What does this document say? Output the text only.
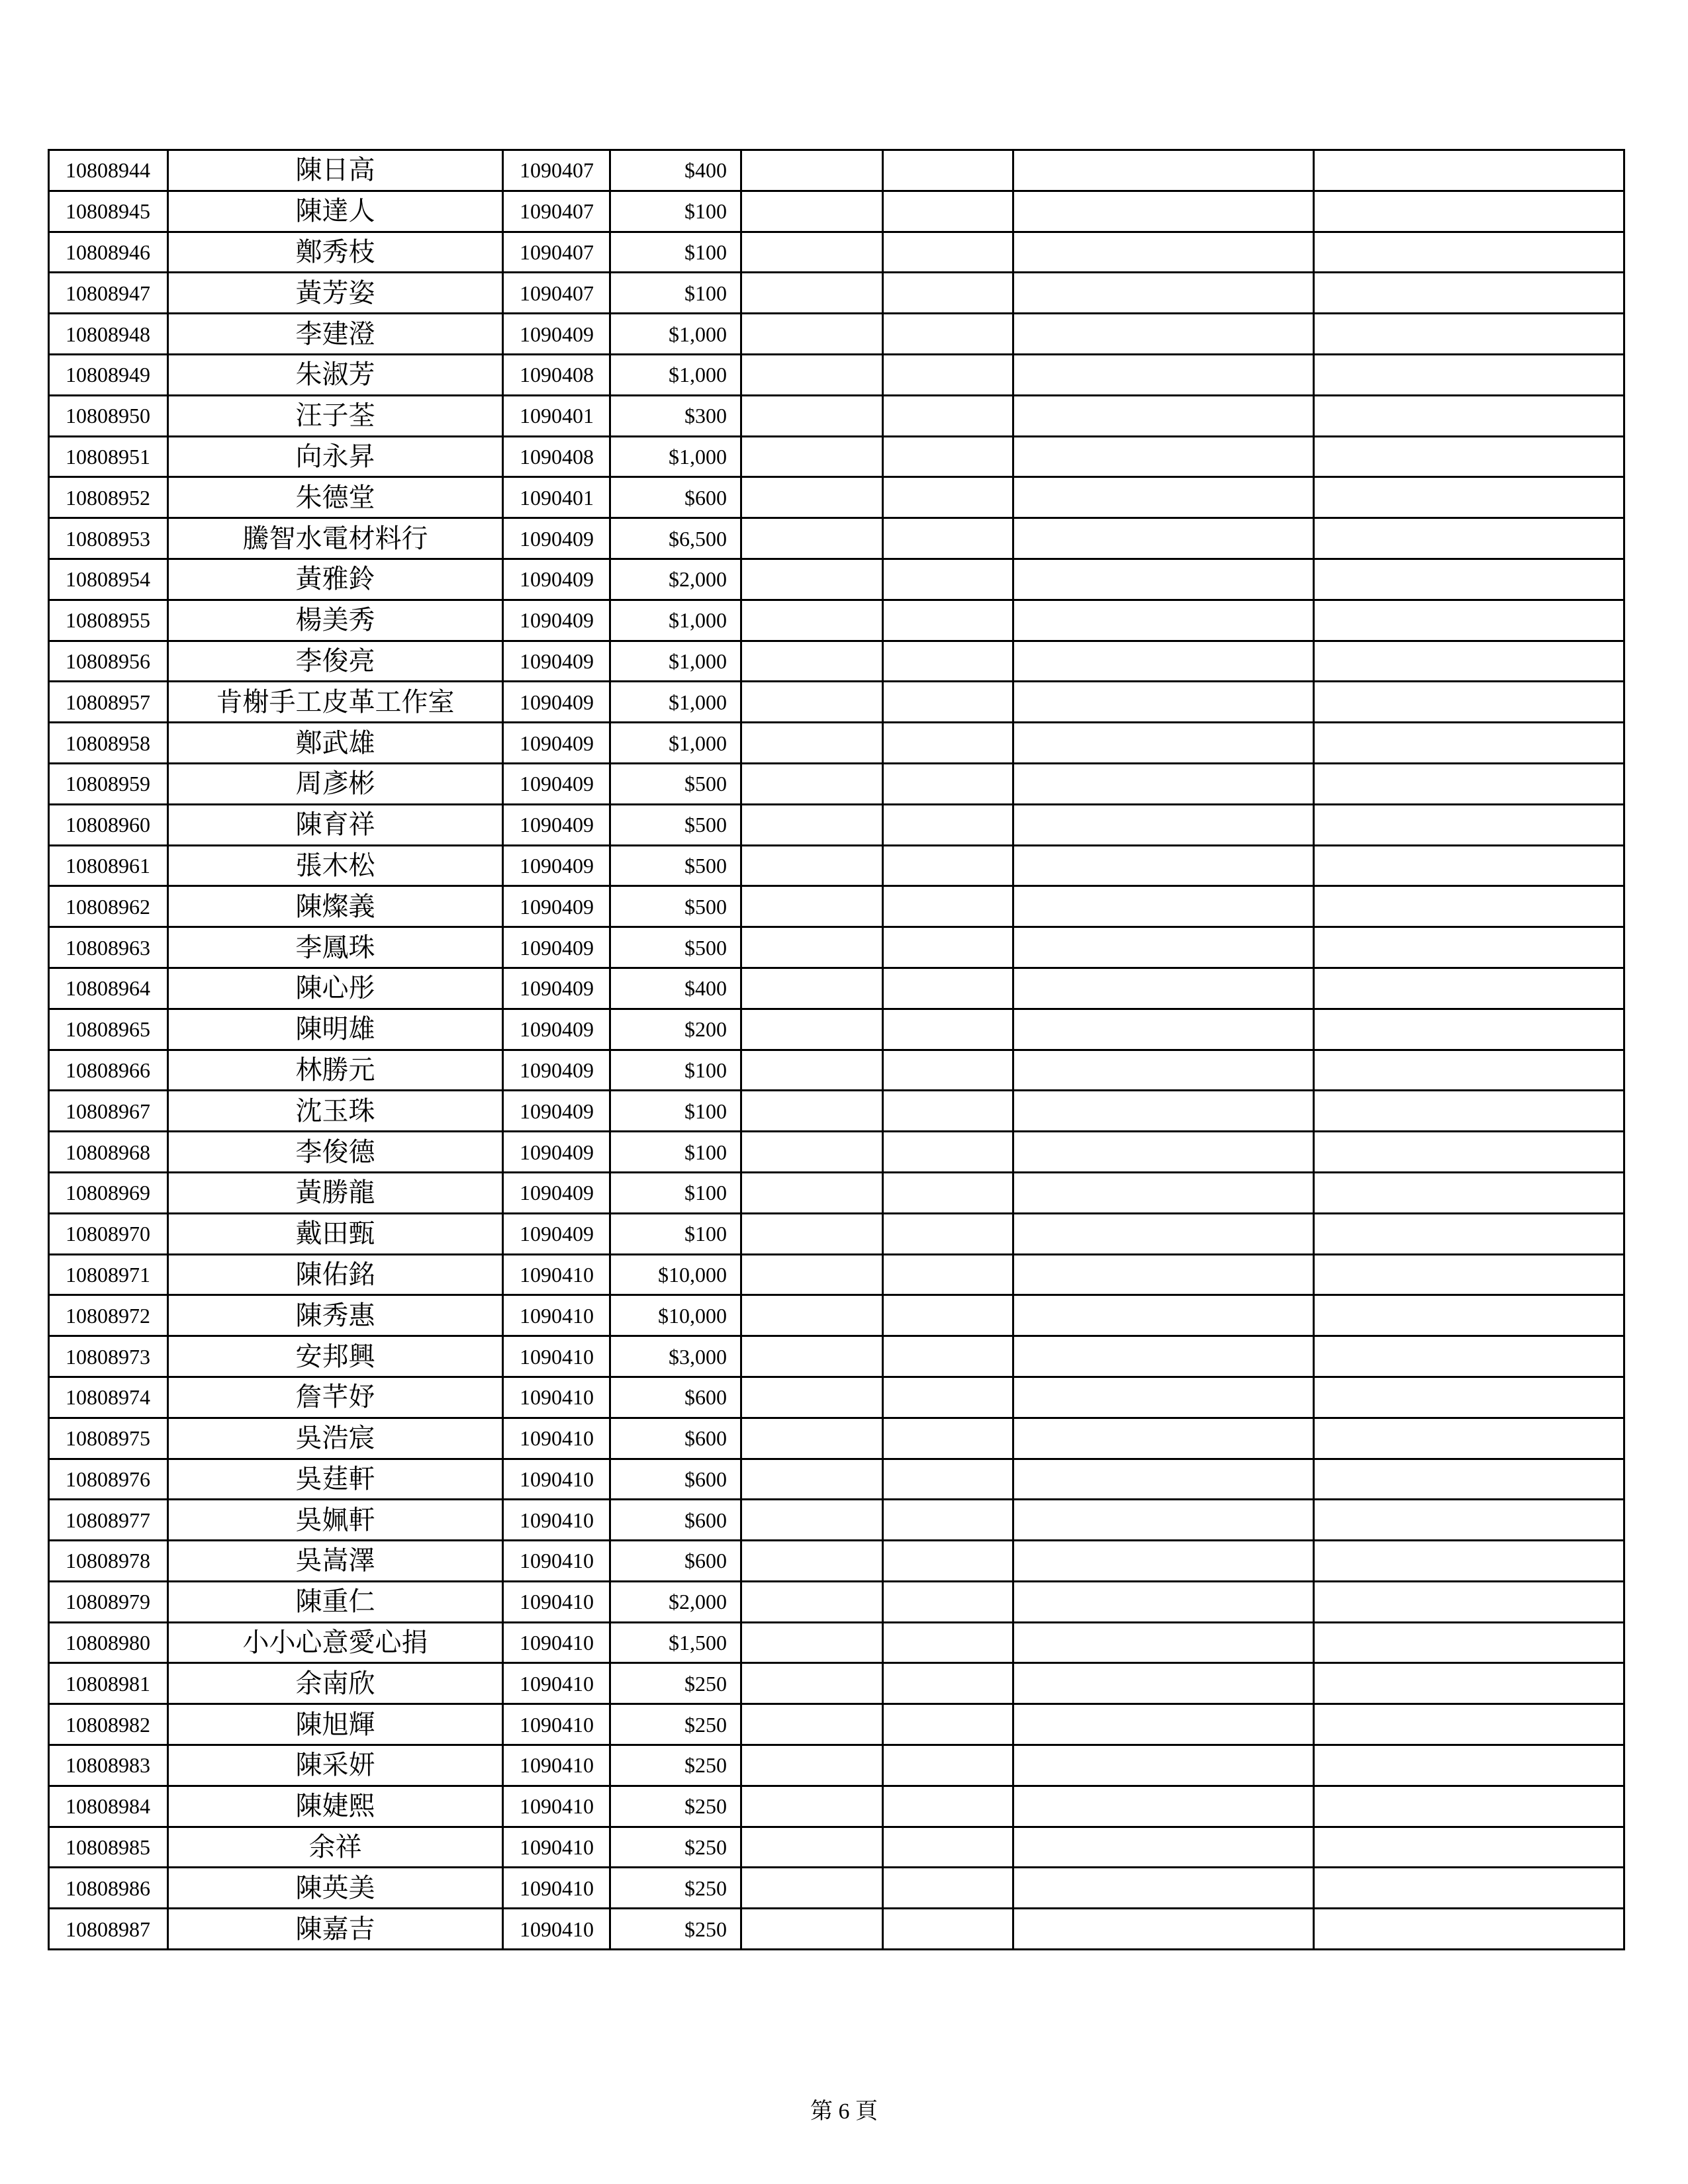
10808944	陳日高	1090407	$400				
10808945	陳達人	1090407	$100				
10808946	鄭秀枝	1090407	$100				
10808947	黃芳姿	1090407	$100				
10808948	李建澄	1090409	$1,000				
10808949	朱淑芳	1090408	$1,000				
10808950	汪子荃	1090401	$300				
10808951	向永昇	1090408	$1,000				
10808952	朱德堂	1090401	$600				
10808953	騰智水電材料行	1090409	$6,500				
10808954	黃雅鈴	1090409	$2,000				
10808955	楊美秀	1090409	$1,000				
10808956	李俊亮	1090409	$1,000				
10808957	肯榭手工皮革工作室	1090409	$1,000				
10808958	鄭武雄	1090409	$1,000				
10808959	周彥彬	1090409	$500				
10808960	陳育祥	1090409	$500				
10808961	張木松	1090409	$500				
10808962	陳燦義	1090409	$500				
10808963	李鳳珠	1090409	$500				
10808964	陳心彤	1090409	$400				
10808965	陳明雄	1090409	$200				
10808966	林勝元	1090409	$100				
10808967	沈玉珠	1090409	$100				
10808968	李俊德	1090409	$100				
10808969	黃勝龍	1090409	$100				
10808970	戴田甄	1090409	$100				
10808971	陳佑銘	1090410	$10,000				
10808972	陳秀惠	1090410	$10,000				
10808973	安邦興	1090410	$3,000				
10808974	詹芊妤	1090410	$600				
10808975	吳浩宸	1090410	$600				
10808976	吳莛軒	1090410	$600				
10808977	吳姵軒	1090410	$600				
10808978	吳嵩澤	1090410	$600				
10808979	陳重仁	1090410	$2,000				
10808980	小小心意愛心捐	1090410	$1,500				
10808981	余南欣	1090410	$250				
10808982	陳旭輝	1090410	$250				
10808983	陳采妍	1090410	$250				
10808984	陳婕熙	1090410	$250				
10808985	余祥	1090410	$250				
10808986	陳英美	1090410	$250				
10808987	陳嘉吉	1090410	$250				
第 6 頁
